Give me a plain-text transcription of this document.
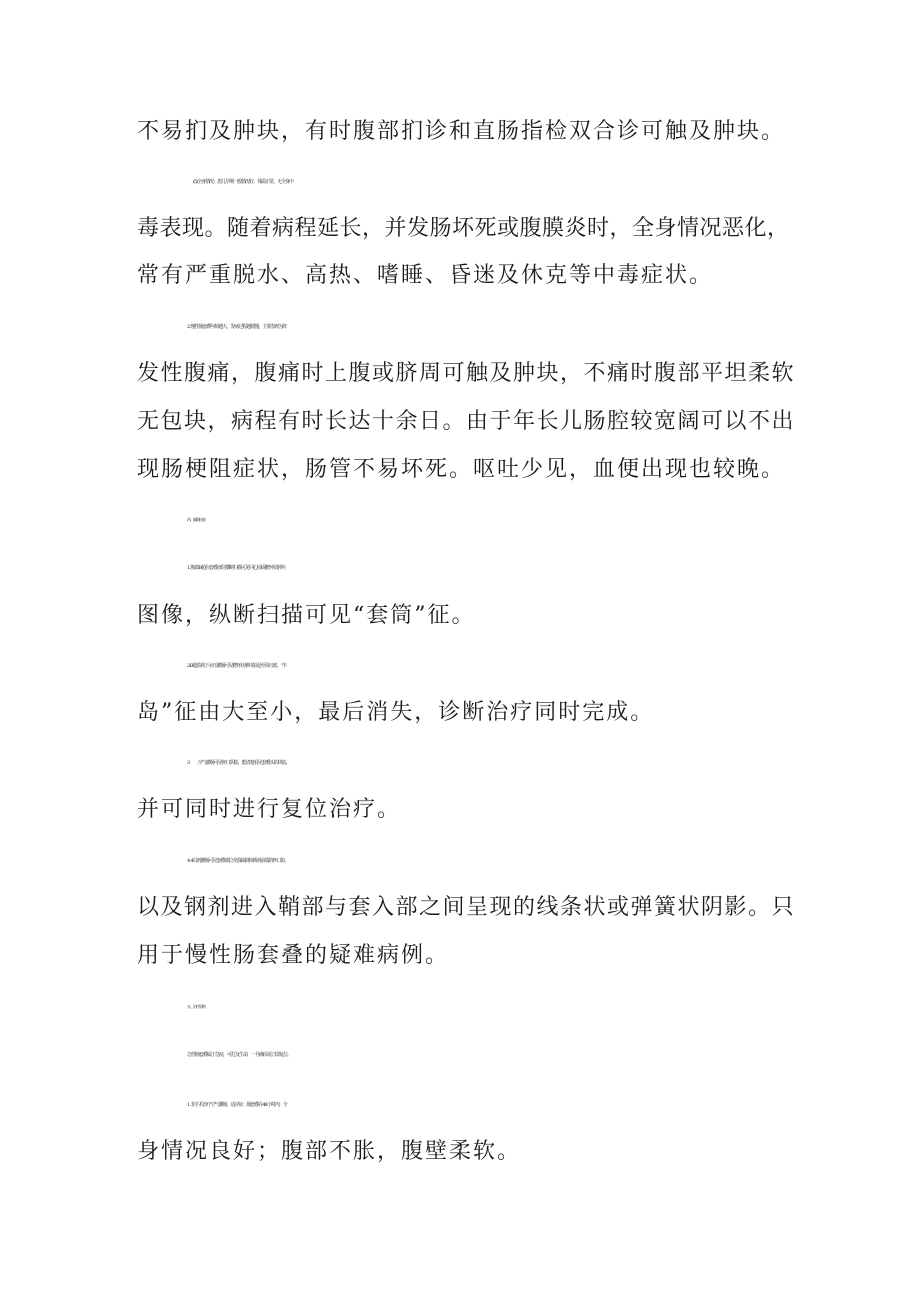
不易扪及肿块，有时腹部扪诊和直肠指检双合诊可触及肿块。

(5)全身情况：患儿早期一般情况好，体温正常，无全身中

毒表现。随着病程延长，并发肠坏死或腹膜炎时，全身情况恶化，

常有严重脱水、高热、嗜睡、昏迷及休克等中毒症状。

2 .慢性肠套叠年龄越大，发病过程越缓慢。主要表现为阵

发性腹痛，腹痛时上腹或脐周可触及肿块，不痛时腹部平坦柔软

无包块，病程有时长达十余日。由于年长儿肠腔较宽阔可以不出

现肠梗阻症状，肠管不易坏死。呕吐少见，血便出现也较晚。

四、辅助检查

1 .腹部B超在套叠部位横断扫描可见同心圆或靶环状肿块

图像，纵断扫描可见“套筒”征。

2.B超监视下水压灌肠可见靶环状肿块影退至回盲部，“半

岛”征由大至小，最后消失，诊断治疗同时完成。

3　　.空气灌肠可见杯口阴影，能清楚看见套叠头的块影，

并可同时进行复位治疗。

4 .4贝剂灌肠可见套叠部位充盈缺损和锁剂前端的杯口影，

以及钢剂进入鞘部与套入部之间呈现的线条状或弹簧状阴影。只

用于慢性肠套叠的疑难病例。

五、治疗原则

急性肠套叠属于急症，可危及生命，一旦确诊需立即复位。

1 .非手术治疗空气灌肠。适应证：肠套叠在48小时内；全

身情况良好；腹部不胀，腹壁柔软。
